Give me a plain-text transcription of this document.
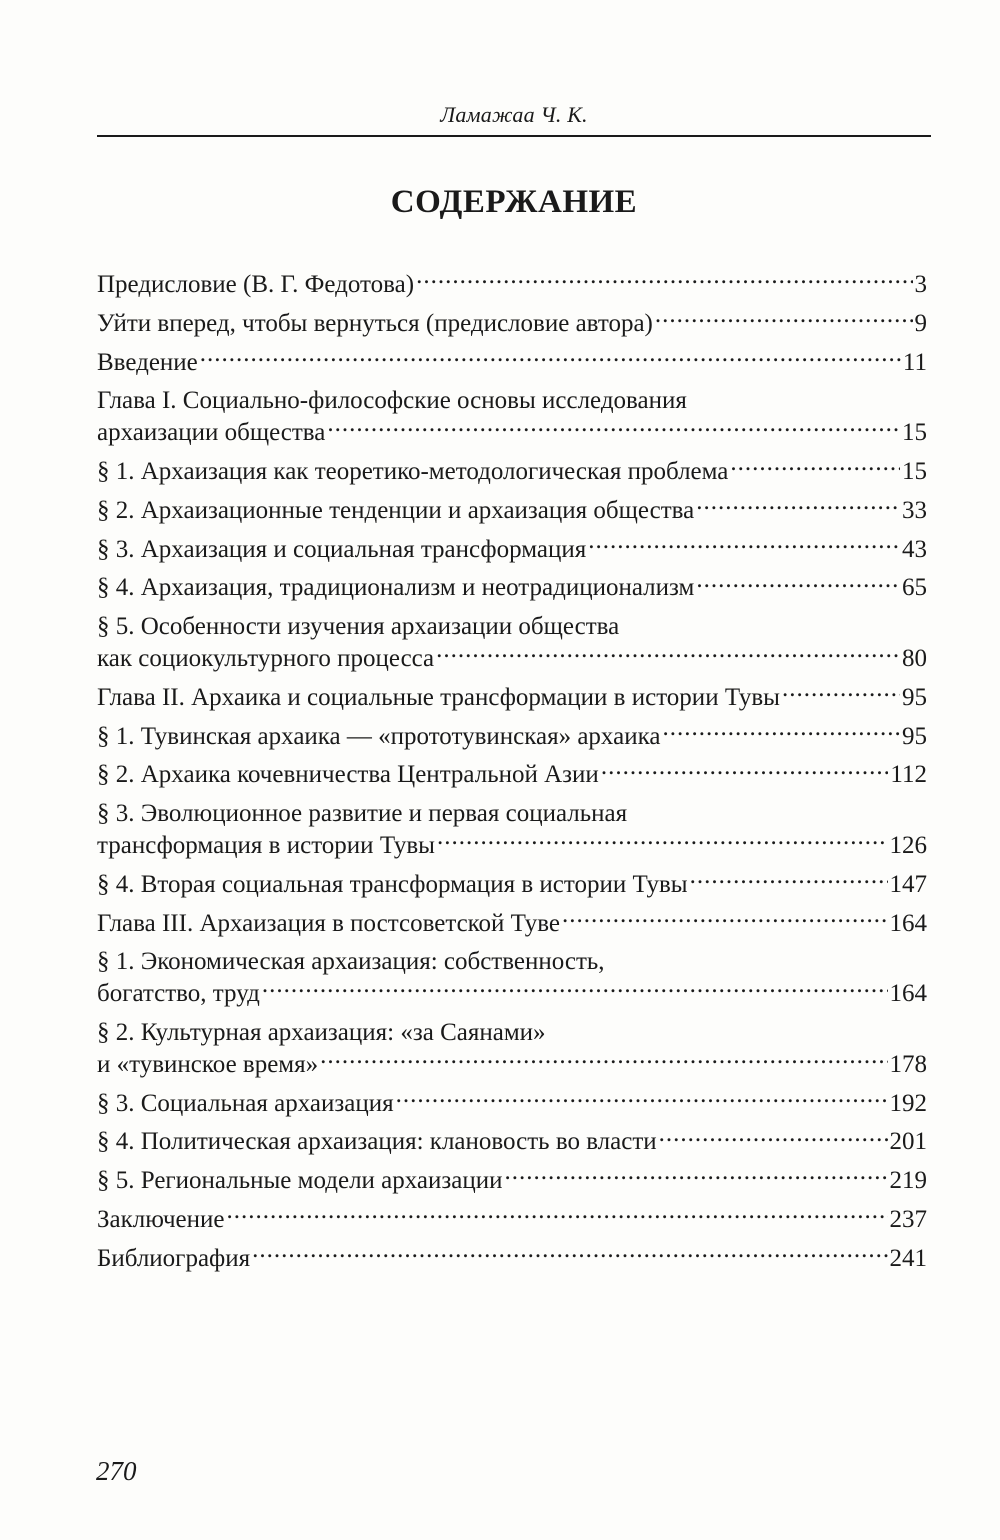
Ламажаа Ч. К.
СОДЕРЖАНИЕ
Предисловие (В. Г. Федотова) .....	3
Уйти вперед, чтобы вернуться (предисловие автора) .....	9
Введение .....	11
Глава I. Социально-философские основы исследования
архаизации общества .....	15
§ 1. Архаизация как теоретико-методологическая проблема .....	15
§ 2. Архаизационные тенденции и архаизация общества .....	33
§ 3. Архаизация и социальная трансформация .....	43
§ 4. Архаизация, традиционализм и неотрадиционализм .....	65
§ 5. Особенности изучения архаизации общества
как социокультурного процесса .....	80
Глава II. Архаика и социальные трансформации в истории Тувы .....	95
§ 1. Тувинская архаика — «прототувинская» архаика .....	95
§ 2. Архаика кочевничества Центральной Азии .....	112
§ 3. Эволюционное развитие и первая социальная
трансформация в истории Тувы .....	126
§ 4. Вторая социальная трансформация в истории Тувы .....	147
Глава III. Архаизация в постсоветской Туве .....	164
§ 1. Экономическая архаизация: собственность,
богатство, труд .....	164
§ 2. Культурная архаизация: «за Саянами»
и «тувинское время» .....	178
§ 3. Социальная архаизация .....	192
§ 4. Политическая архаизация: клановость во власти .....	201
§ 5. Региональные модели архаизации .....	219
Заключение .....	237
Библиография .....	241
270
